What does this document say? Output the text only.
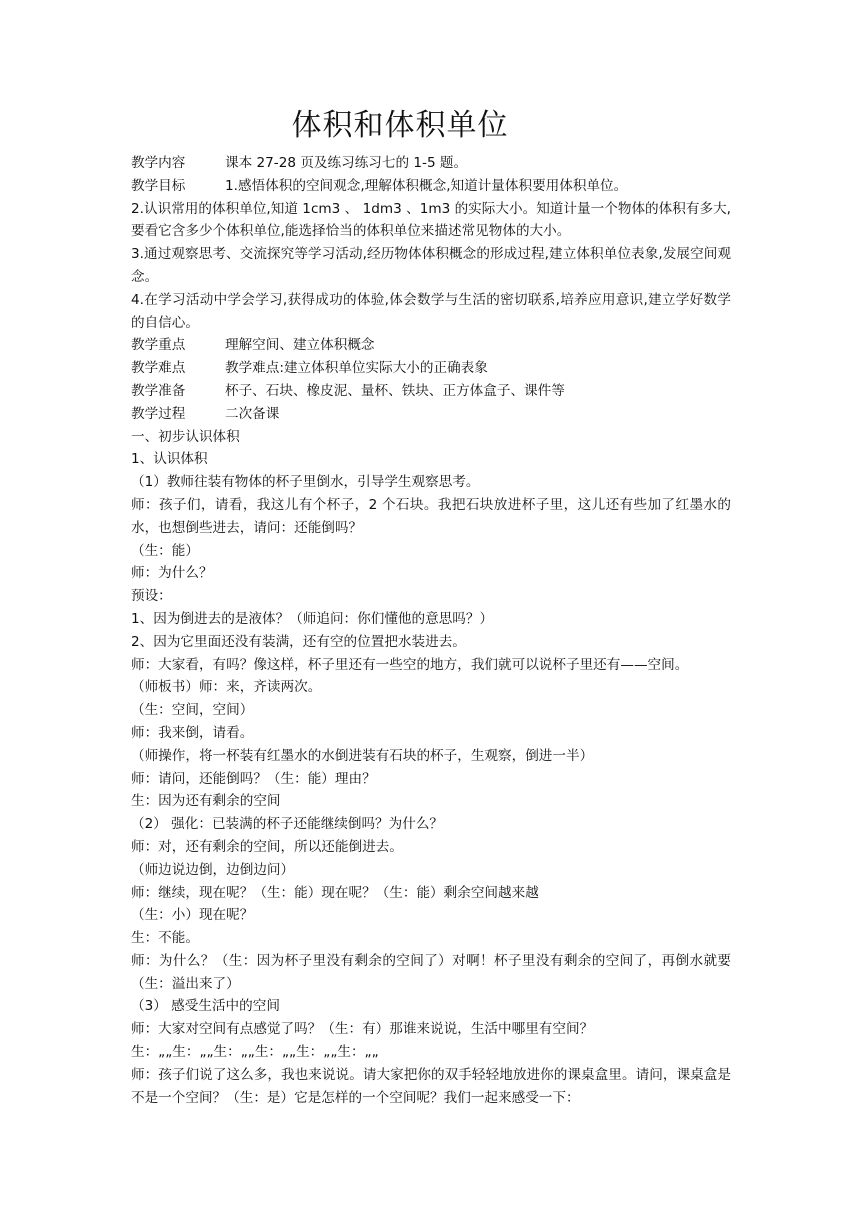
体积和体积单位
教学内容	课本 27-28 页及练习练习七的 1-5 题。
教学目标	1.感悟体积的空间观念,理解体积概念,知道计量体积要用体积单位。
2.认识常用的体积单位,知道 1cm3 、 1dm3 、1m3 的实际大小。知道计量一个物体的体积有多大,要看它含多少个体积单位,能选择恰当的体积单位来描述常见物体的大小。
3.通过观察思考、交流探究等学习活动,经历物体体积概念的形成过程,建立体积单位表象,发展空间观念。
4.在学习活动中学会学习,获得成功的体验,体会数学与生活的密切联系,培养应用意识,建立学好数学的自信心。
教学重点	理解空间、建立体积概念
教学难点	教学难点:建立体积单位实际大小的正确表象
教学准备	杯子、石块、橡皮泥、量杯、铁块、正方体盒子、课件等
教学过程	二次备课
一、初步认识体积
1、认识体积
（1）教师往装有物体的杯子里倒水，引导学生观察思考。
师：孩子们，请看，我这儿有个杯子，2 个石块。我把石块放进杯子里，这儿还有些加了红墨水的水，也想倒些进去，请问：还能倒吗？
（生：能）
师：为什么？
预设：
1、因为倒进去的是液体？（师追问：你们懂他的意思吗？）
2、因为它里面还没有装满，还有空的位置把水装进去。
师：大家看，有吗？像这样，杯子里还有一些空的地方，我们就可以说杯子里还有——空间。
（师板书）师：来，齐读两次。
（生：空间，空间）
师：我来倒，请看。
（师操作，将一杯装有红墨水的水倒进装有石块的杯子，生观察，倒进一半）
师：请问，还能倒吗？（生：能）理由？
生：因为还有剩余的空间
（2） 强化：已装满的杯子还能继续倒吗？为什么？
师：对，还有剩余的空间，所以还能倒进去。
（师边说边倒，边倒边问）
师：继续，现在呢？（生：能）现在呢？（生：能）剩余空间越来越
（生：小）现在呢？
生：不能。
师：为什么？（生：因为杯子里没有剩余的空间了）对啊！杯子里没有剩余的空间了，再倒水就要（生：溢出来了）
（3） 感受生活中的空间
师：大家对空间有点感觉了吗？（生：有）那谁来说说，生活中哪里有空间？
生：„„生：„„生：„„生：„„生：„„生：„„
师：孩子们说了这么多，我也来说说。请大家把你的双手轻轻地放进你的课桌盒里。请问，课桌盒是不是一个空间？（生：是）它是怎样的一个空间呢？我们一起来感受一下：
